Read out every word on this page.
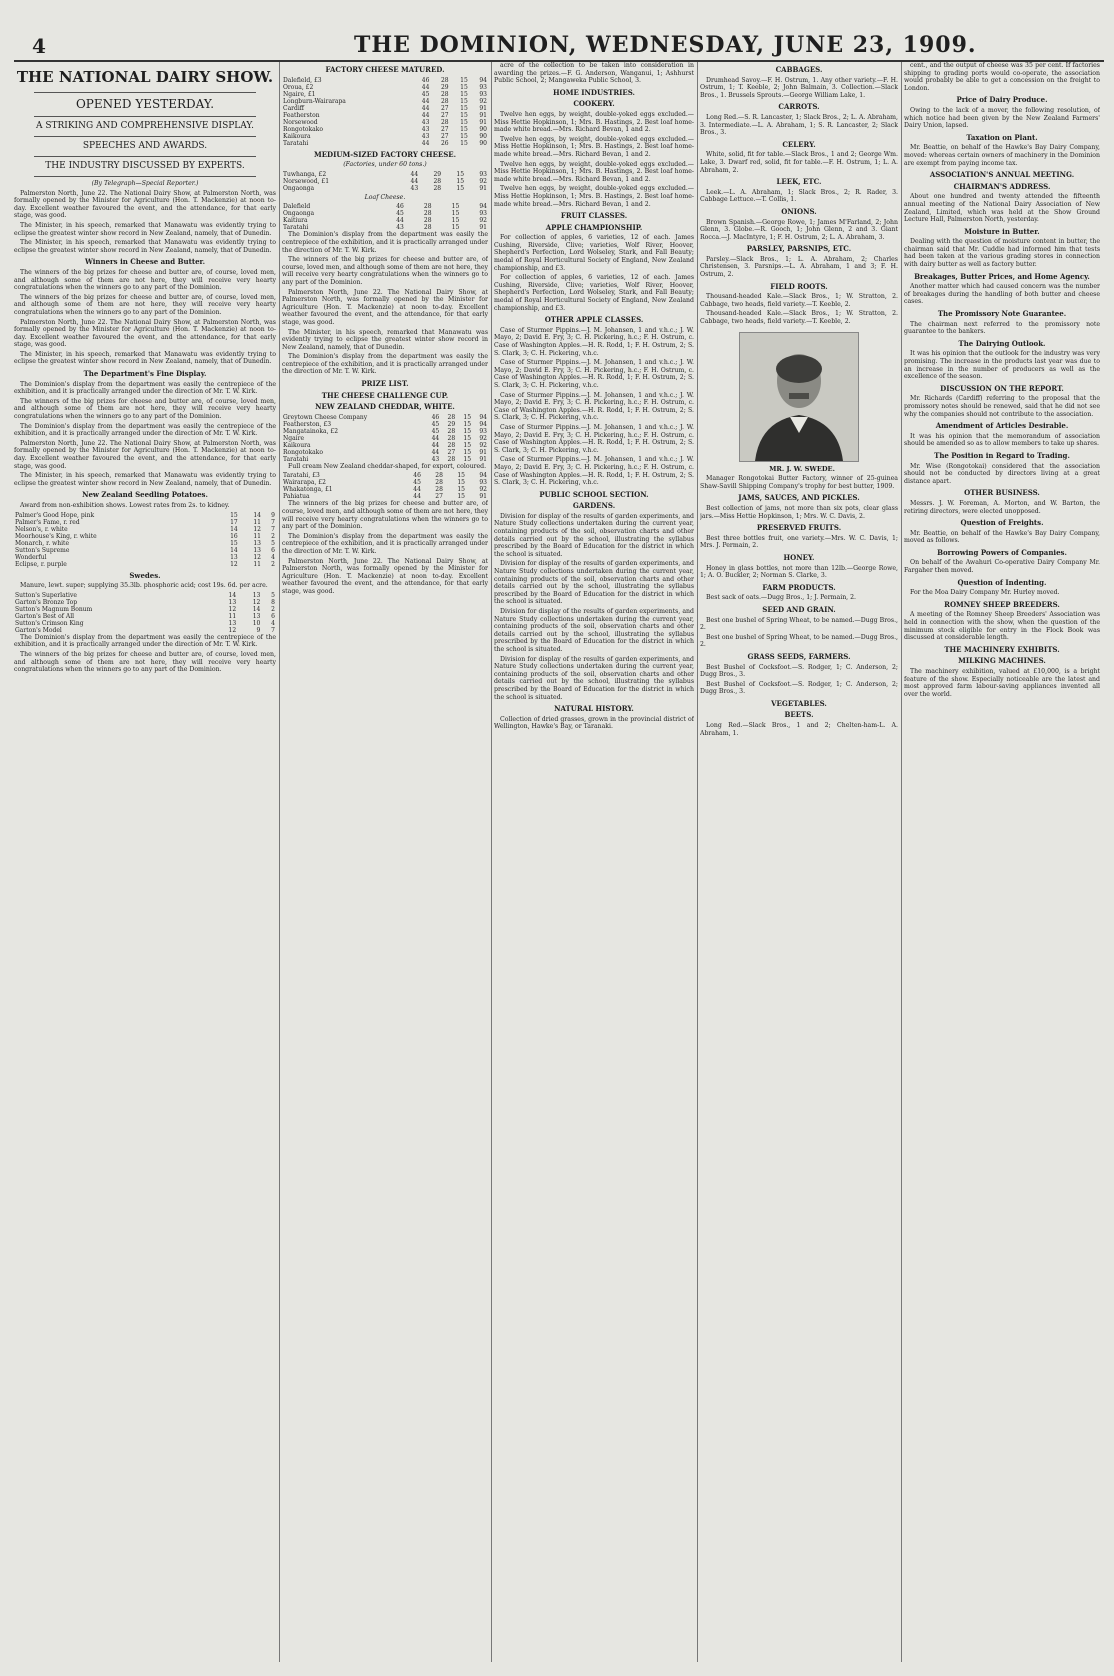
4	THE DOMINION, WEDNESDAY, JUNE 23, 1909.
THE NATIONAL DAIRY SHOW.
OPENED YESTERDAY.
A STRIKING AND COMPREHENSIVE DISPLAY.
SPEECHES AND AWARDS.
THE INDUSTRY DISCUSSED BY EXPERTS.

(By Telegraph—Special Reporter.)

Palmerston North, June 22. The National Dairy Show, at Palmerston North, was formally opened by the Minister for Agriculture (Hon. T. Mackenzie) at noon to-day. Excellent weather favoured the event, and the attendance, for that early stage, was good.

The Minister, in his speech, remarked that Manawatu was evidently trying to eclipse the greatest winter show record in New Zealand, namely, that of Dunedin.

The Minister, in his speech, remarked that Manawatu was evidently trying to eclipse the greatest winter show record in New Zealand, namely, that of Dunedin.

Winners in Cheese and Butter.

The winners of the big prizes for cheese and butter are, of course, loved men, and although some of them are not here, they will receive very hearty congratulations when the winners go to any part of the Dominion.

The winners of the big prizes for cheese and butter are, of course, loved men, and although some of them are not here, they will receive very hearty congratulations when the winners go to any part of the Dominion.

Palmerston North, June 22. The National Dairy Show, at Palmerston North, was formally opened by the Minister for Agriculture (Hon. T. Mackenzie) at noon to-day. Excellent weather favoured the event, and the attendance, for that early stage, was good.

The Minister, in his speech, remarked that Manawatu was evidently trying to eclipse the greatest winter show record in New Zealand, namely, that of Dunedin.

The Department's Fine Display.

The Dominion's display from the department was easily the centrepiece of the exhibition, and it is practically arranged under the direction of Mr. T. W. Kirk.

The winners of the big prizes for cheese and butter are, of course, loved men, and although some of them are not here, they will receive very hearty congratulations when the winners go to any part of the Dominion.

The Dominion's display from the department was easily the centrepiece of the exhibition, and it is practically arranged under the direction of Mr. T. W. Kirk.

Palmerston North, June 22. The National Dairy Show, at Palmerston North, was formally opened by the Minister for Agriculture (Hon. T. Mackenzie) at noon to-day. Excellent weather favoured the event, and the attendance, for that early stage, was good.

The Minister, in his speech, remarked that Manawatu was evidently trying to eclipse the greatest winter show record in New Zealand, namely, that of Dunedin.

New Zealand Seedling Potatoes.

Award from non-exhibition shows. Lowest rates from 2s. to kidney.

Palmer's Good Hope, pink	15	14	9
Palmer's Fame, r. red	17	11	7
Nelson's, r. white	14	12	7
Moorhouse's King, r. white	16	11	2
Monarch, r. white	15	13	5
Sutton's Supreme	14	13	6
Wonderful	13	12	4
Eclipse, r. purple	12	11	2

Swedes.

Manure, lewt. super; supplying 35.3lb. phosphoric acid; cost 19s. 6d. per acre.

Sutton's Superlative	14	13	5
Garton's Bronze Top	13	12	8
Sutton's Magnum Bonum	12	14	2
Garton's Best of All	11	13	6
Sutton's Crimson King	13	10	4
Garton's Model	12	9	7

The Dominion's display from the department was easily the centrepiece of the exhibition, and it is practically arranged under the direction of Mr. T. W. Kirk.

The winners of the big prizes for cheese and butter are, of course, loved men, and although some of them are not here, they will receive very hearty congratulations when the winners go to any part of the Dominion.

FACTORY CHEESE MATURED.

Dalefield, £3	46	28	15	94
Oroua, £2	44	29	15	93
Ngaire, £1	45	28	15	93
Longburn-Wairarapa	44	28	15	92
Cardiff	44	27	15	91
Featherston	44	27	15	91
Norsewood	43	28	15	91
Rongotokako	43	27	15	90
Kaikoura	43	27	15	90
Taratahi	44	26	15	90

MEDIUM-SIZED FACTORY CHEESE.

(Factories, under 60 tons.)

Tuwhanga, £2	44	29	15	93
Norsewood, £1	44	28	15	92
Ongaonga	43	28	15	91

Loaf Cheese.

Dalefield	46	28	15	94
Ongaonga	45	28	15	93
Kaitiura	44	28	15	92
Taratahi	43	28	15	91

The Dominion's display from the department was easily the centrepiece of the exhibition, and it is practically arranged under the direction of Mr. T. W. Kirk.

The winners of the big prizes for cheese and butter are, of course, loved men, and although some of them are not here, they will receive very hearty congratulations when the winners go to any part of the Dominion.

Palmerston North, June 22. The National Dairy Show, at Palmerston North, was formally opened by the Minister for Agriculture (Hon. T. Mackenzie) at noon to-day. Excellent weather favoured the event, and the attendance, for that early stage, was good.

The Minister, in his speech, remarked that Manawatu was evidently trying to eclipse the greatest winter show record in New Zealand, namely, that of Dunedin.

The Dominion's display from the department was easily the centrepiece of the exhibition, and it is practically arranged under the direction of Mr. T. W. Kirk.

PRIZE LIST.

THE CHEESE CHALLENGE CUP.

NEW ZEALAND CHEDDAR, WHITE.

Greytown Cheese Company	46	28	15	94
Featherston, £3	45	29	15	94
Mangatainoka, £2	45	28	15	93
Ngaire	44	28	15	92
Kaikoura	44	28	15	92
Rongotokako	44	27	15	91
Taratahi	43	28	15	91

Full cream New Zealand cheddar-shaped, for export, coloured.

Taratahi, £3	46	28	15	94
Wairarapa, £2	45	28	15	93
Whakatonga, £1	44	28	15	92
Pahiatua	44	27	15	91

The winners of the big prizes for cheese and butter are, of course, loved men, and although some of them are not here, they will receive very hearty congratulations when the winners go to any part of the Dominion.

The Dominion's display from the department was easily the centrepiece of the exhibition, and it is practically arranged under the direction of Mr. T. W. Kirk.

Palmerston North, June 22. The National Dairy Show, at Palmerston North, was formally opened by the Minister for Agriculture (Hon. T. Mackenzie) at noon to-day. Excellent weather favoured the event, and the attendance, for that early stage, was good.

acre of the collection to be taken into consideration in awarding the prizes.—F. G. Anderson, Wanganui, 1; Ashhurst Public School, 2; Mangaweka Public School, 3.

HOME INDUSTRIES.

COOKERY.

Twelve hen eggs, by weight, double-yoked eggs excluded.—Miss Hettie Hopkinson, 1; Mrs. B. Hastings, 2. Best loaf home-made white bread.—Mrs. Richard Bevan, 1 and 2.

Twelve hen eggs, by weight, double-yoked eggs excluded.—Miss Hettie Hopkinson, 1; Mrs. B. Hastings, 2. Best loaf home-made white bread.—Mrs. Richard Bevan, 1 and 2.

Twelve hen eggs, by weight, double-yoked eggs excluded.—Miss Hettie Hopkinson, 1; Mrs. B. Hastings, 2. Best loaf home-made white bread.—Mrs. Richard Bevan, 1 and 2.

Twelve hen eggs, by weight, double-yoked eggs excluded.—Miss Hettie Hopkinson, 1; Mrs. B. Hastings, 2. Best loaf home-made white bread.—Mrs. Richard Bevan, 1 and 2.

FRUIT CLASSES.

APPLE CHAMPIONSHIP.

For collection of apples, 6 varieties, 12 of each. James Cushing, Riverside, Clive; varieties, Wolf River, Hoover, Shepherd's Perfection, Lord Wolseley, Stark, and Fall Beauty; medal of Royal Horticultural Society of England, New Zealand championship, and £3.

For collection of apples, 6 varieties, 12 of each. James Cushing, Riverside, Clive; varieties, Wolf River, Hoover, Shepherd's Perfection, Lord Wolseley, Stark, and Fall Beauty; medal of Royal Horticultural Society of England, New Zealand championship, and £3.

OTHER APPLE CLASSES.

Case of Sturmer Pippins.—J. M. Johansen, 1 and v.h.c.; J. W. Mayo, 2; David E. Fry, 3; C. H. Pickering, h.c.; F. H. Ostrum, c. Case of Washington Apples.—H. R. Rodd, 1; F. H. Ostrum, 2; S. S. Clark, 3; C. H. Pickering, v.h.c.

Case of Sturmer Pippins.—J. M. Johansen, 1 and v.h.c.; J. W. Mayo, 2; David E. Fry, 3; C. H. Pickering, h.c.; F. H. Ostrum, c. Case of Washington Apples.—H. R. Rodd, 1; F. H. Ostrum, 2; S. S. Clark, 3; C. H. Pickering, v.h.c.

Case of Sturmer Pippins.—J. M. Johansen, 1 and v.h.c.; J. W. Mayo, 2; David E. Fry, 3; C. H. Pickering, h.c.; F. H. Ostrum, c. Case of Washington Apples.—H. R. Rodd, 1; F. H. Ostrum, 2; S. S. Clark, 3; C. H. Pickering, v.h.c.

Case of Sturmer Pippins.—J. M. Johansen, 1 and v.h.c.; J. W. Mayo, 2; David E. Fry, 3; C. H. Pickering, h.c.; F. H. Ostrum, c. Case of Washington Apples.—H. R. Rodd, 1; F. H. Ostrum, 2; S. S. Clark, 3; C. H. Pickering, v.h.c.

Case of Sturmer Pippins.—J. M. Johansen, 1 and v.h.c.; J. W. Mayo, 2; David E. Fry, 3; C. H. Pickering, h.c.; F. H. Ostrum, c. Case of Washington Apples.—H. R. Rodd, 1; F. H. Ostrum, 2; S. S. Clark, 3; C. H. Pickering, v.h.c.

PUBLIC SCHOOL SECTION.

GARDENS.

Division for display of the results of garden experiments, and Nature Study collections undertaken during the current year, containing products of the soil, observation charts and other details carried out by the school, illustrating the syllabus prescribed by the Board of Education for the district in which the school is situated.

Division for display of the results of garden experiments, and Nature Study collections undertaken during the current year, containing products of the soil, observation charts and other details carried out by the school, illustrating the syllabus prescribed by the Board of Education for the district in which the school is situated.

Division for display of the results of garden experiments, and Nature Study collections undertaken during the current year, containing products of the soil, observation charts and other details carried out by the school, illustrating the syllabus prescribed by the Board of Education for the district in which the school is situated.

Division for display of the results of garden experiments, and Nature Study collections undertaken during the current year, containing products of the soil, observation charts and other details carried out by the school, illustrating the syllabus prescribed by the Board of Education for the district in which the school is situated.

NATURAL HISTORY.

Collection of dried grasses, grown in the provincial district of Wellington, Hawke's Bay, or Taranaki.

CABBAGES.

Drumhead Savoy.—F. H. Ostrum, 1. Any other variety.—F. H. Ostrum, 1; T. Keeble, 2; John Balmain, 3. Collection.—Slack Bros., 1. Brussels Sprouts.—George William Lake, 1.

CARROTS.

Long Red.—S. R. Lancaster, 1; Slack Bros., 2; L. A. Abraham, 3. Intermediate.—L. A. Abraham, 1; S. R. Lancaster, 2; Slack Bros., 3.

CELERY.

White, solid, fit for table.—Slack Bros., 1 and 2; George Wm. Lake, 3. Dwarf red, solid, fit for table.—F. H. Ostrum, 1; L. A. Abraham, 2.

LEEK, ETC.

Leek.—L. A. Abraham, 1; Slack Bros., 2; R. Rader, 3. Cabbage Lettuce.—T. Collis, 1.

ONIONS.

Brown Spanish.—George Rowe, 1; James M'Farland, 2; John Glenn, 3. Globe.—R. Gooch, 1; John Glenn, 2 and 3. Giant Rocca.—J. MacIntyre, 1; F. H. Ostrum, 2; L. A. Abraham, 3.

PARSLEY, PARSNIPS, ETC.

Parsley.—Slack Bros., 1; L. A. Abraham, 2; Charles Christensen, 3. Parsnips.—L. A. Abraham, 1 and 3; F. H. Ostrum, 2.

FIELD ROOTS.

Thousand-headed Kale.—Slack Bros., 1; W. Stratton, 2. Cabbage, two heads, field variety.—T. Keeble, 2.

Thousand-headed Kale.—Slack Bros., 1; W. Stratton, 2. Cabbage, two heads, field variety.—T. Keeble, 2.

MR. J. W. SWEDE.

Manager Rongotokai Butter Factory, winner of 25-guinea Shaw-Savill Shipping Company's trophy for best butter, 1909.

JAMS, SAUCES, AND PICKLES.

Best collection of jams, not more than six pots, clear glass jars.—Miss Hettie Hopkinson, 1; Mrs. W. C. Davis, 2.

PRESERVED FRUITS.

Best three bottles fruit, one variety.—Mrs. W. C. Davis, 1; Mrs. J. Permain, 2.

HONEY.

Honey in glass bottles, not more than 12lb.—George Rowe, 1; A. O. Buckler, 2; Norman S. Clarke, 3.

FARM PRODUCTS.

Best sack of oats.—Dugg Bros., 1; J. Permain, 2.

SEED AND GRAIN.

Best one bushel of Spring Wheat, to be named.—Dugg Bros., 2.

Best one bushel of Spring Wheat, to be named.—Dugg Bros., 2.

GRASS SEEDS, FARMERS.

Best Bushel of Cocksfoot.—S. Rodger, 1; C. Anderson, 2; Dugg Bros., 3.

Best Bushel of Cocksfoot.—S. Rodger, 1; C. Anderson, 2; Dugg Bros., 3.

VEGETABLES.

BEETS.

Long Red.—Slack Bros., 1 and 2; Chelten-ham-L. A. Abraham, 1.

cent., and the output of cheese was 35 per cent. If factories shipping to grading ports would co-operate, the association would probably be able to get a concession on the freight to London.

Price of Dairy Produce.

Owing to the lack of a mover, the following resolution, of which notice had been given by the New Zealand Farmers' Dairy Union, lapsed.

Taxation on Plant.

Mr. Beattie, on behalf of the Hawke's Bay Dairy Company, moved: whereas certain owners of machinery in the Dominion are exempt from paying income tax.

ASSOCIATION'S ANNUAL MEETING.

CHAIRMAN'S ADDRESS.

About one hundred and twenty attended the fifteenth annual meeting of the National Dairy Association of New Zealand, Limited, which was held at the Show Ground Lecture Hall, Palmerston North, yesterday.

Moisture in Butter.

Dealing with the question of moisture content in butter, the chairman said that Mr. Cuddie had informed him that tests had been taken at the various grading stores in connection with dairy butter as well as factory butter.

Breakages, Butter Prices, and Home Agency.

Another matter which had caused concern was the number of breakages during the handling of both butter and cheese cases.

The Promissory Note Guarantee.

The chairman next referred to the promissory note guarantee to the bankers.

The Dairying Outlook.

It was his opinion that the outlook for the industry was very promising. The increase in the products last year was due to an increase in the number of producers as well as the excellence of the season.

DISCUSSION ON THE REPORT.

Mr. Richards (Cardiff) referring to the proposal that the promissory notes should be renewed, said that he did not see why the companies should not contribute to the association.

Amendment of Articles Desirable.

It was his opinion that the memorandum of association should be amended so as to allow members to take up shares.

The Position in Regard to Trading.

Mr. Wise (Rongotokai) considered that the association should not be conducted by directors living at a great distance apart.

OTHER BUSINESS.

Messrs. J. W. Foreman, A. Morton, and W. Barton, the retiring directors, were elected unopposed.

Question of Freights.

Mr. Beattie, on behalf of the Hawke's Bay Dairy Company, moved as follows.

Borrowing Powers of Companies.

On behalf of the Awahuri Co-operative Dairy Company Mr. Fargaher then moved.

Question of Indenting.

For the Moa Dairy Company Mr. Hurley moved.

ROMNEY SHEEP BREEDERS.

A meeting of the Romney Sheep Breeders' Association was held in connection with the show, when the question of the minimum stock eligible for entry in the Flock Book was discussed at considerable length.

THE MACHINERY EXHIBITS.

MILKING MACHINES.

The machinery exhibition, valued at £10,000, is a bright feature of the show. Especially noticeable are the latest and most approved farm labour-saving appliances invented all over the world.
